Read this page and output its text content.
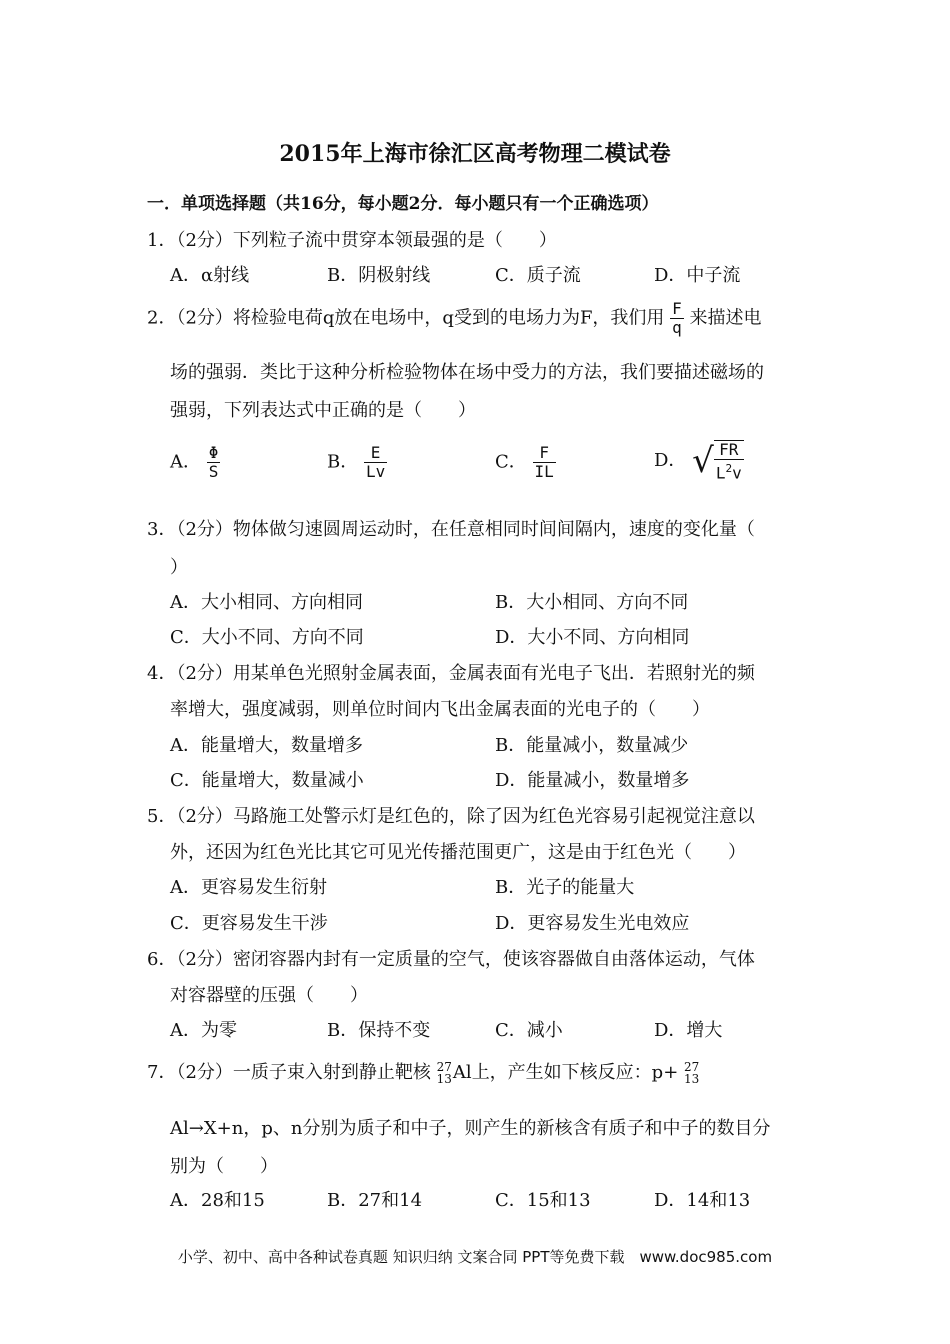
2015年上海市徐汇区高考物理二模试卷
一．单项选择题（共16分，每小题2分．每小题只有一个正确选项）
1．（2分）下列粒子流中贯穿本领最强的是（　　）
A．α射线	B．阴极射线	C．质子流	D．中子流
2．（2分）将检验电荷q放在电场中，q受到的电场力为F，我们用 $\frac{F}{q}$ 来描述电
场的强弱．类比于这种分析检验物体在场中受力的方法，我们要描述磁场的
强弱，下列表达式中正确的是（　　）
A． $\frac{\Phi}{S}$	B． $\frac{E}{Lv}$	C． $\frac{F}{IL}$	D． √ $\frac{FR}{L^2v}$
3．（2分）物体做匀速圆周运动时，在任意相同时间间隔内，速度的变化量（
）
A．大小相同、方向相同	B．大小相同、方向不同
C．大小不同、方向不同	D．大小不同、方向相同
4．（2分）用某单色光照射金属表面，金属表面有光电子飞出．若照射光的频
率增大，强度减弱，则单位时间内飞出金属表面的光电子的（　　）
A．能量增大，数量增多	B．能量减小，数量减少
C．能量增大，数量减小	D．能量减小，数量增多
5．（2分）马路施工处警示灯是红色的，除了因为红色光容易引起视觉注意以
外，还因为红色光比其它可见光传播范围更广，这是由于红色光（　　）
A．更容易发生衍射	B．光子的能量大
C．更容易发生干涉	D．更容易发生光电效应
6．（2分）密闭容器内封有一定质量的空气，使该容器做自由落体运动，气体
对容器壁的压强（　　）
A．为零	B．保持不变	C．减小	D．增大
7．（2分）一质子束入射到静止靶核 27
13 Al上，产生如下核反应：p+ 27
13
Al→X+n，p、n分别为质子和中子，则产生的新核含有质子和中子的数目分
别为（　　）
A．28和15	B．27和14	C．15和13	D．14和13
小学、初中、高中各种试卷真题 知识归纳 文案合同 PPT等免费下载　www.doc985.com
